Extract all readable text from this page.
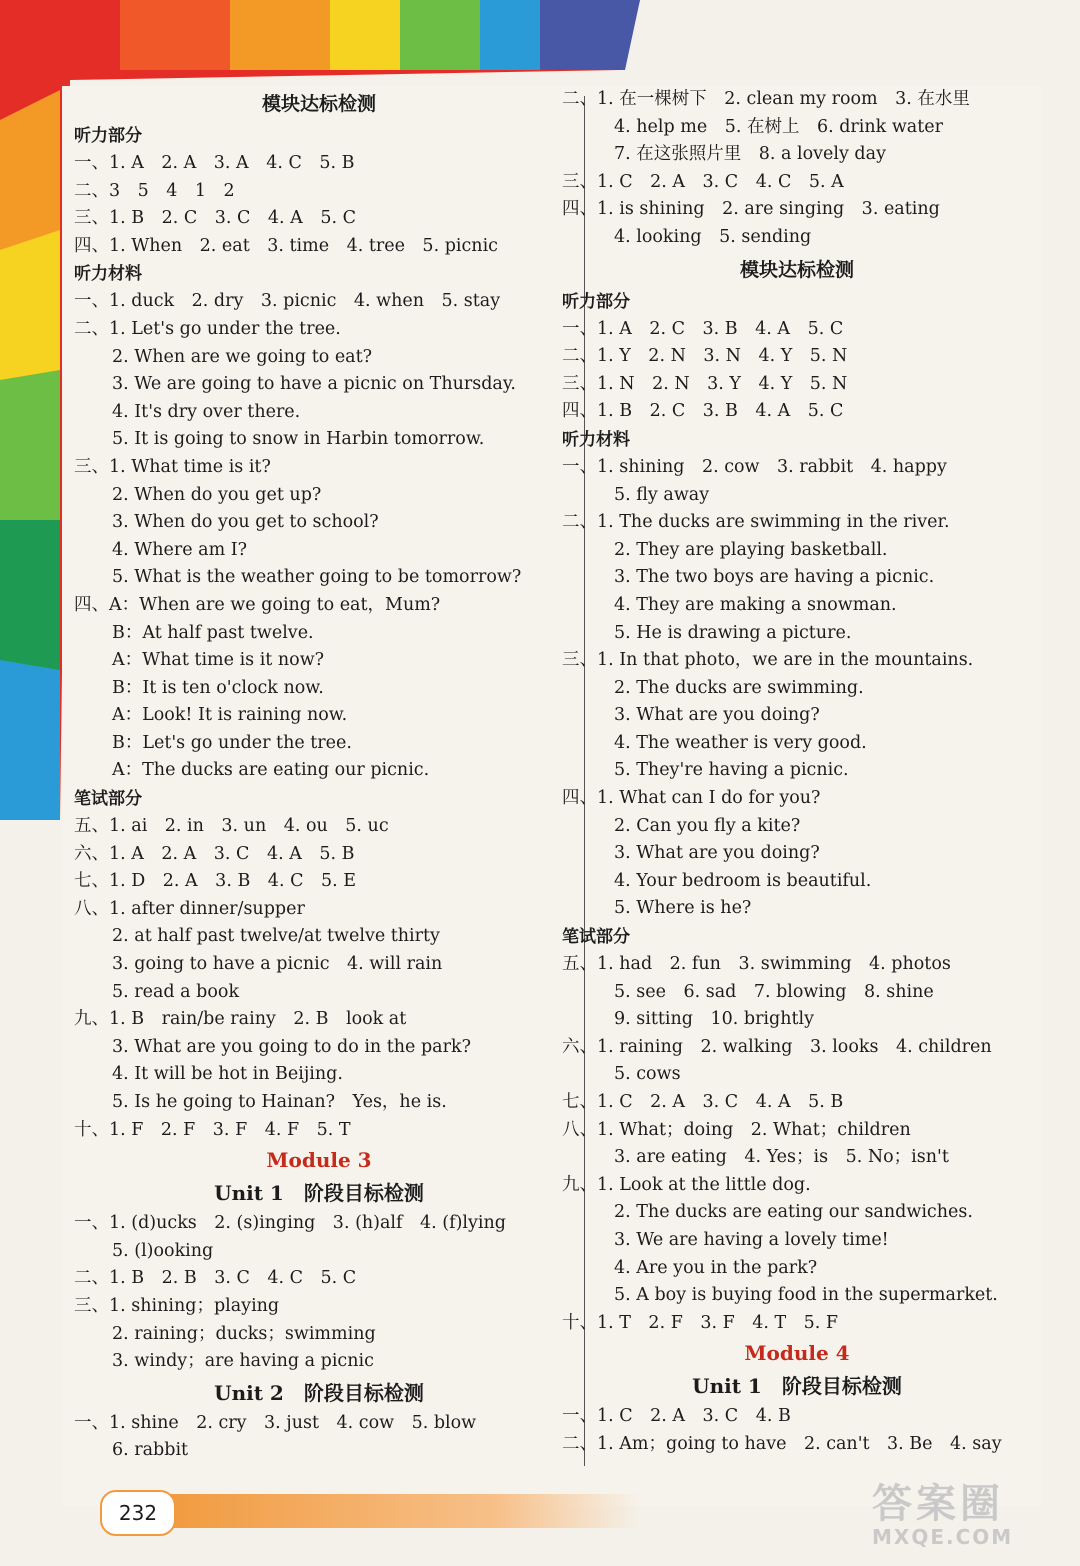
模块达标检测
听力部分
一、1. A　2. A　3. A　4. C　5. B
二、3　5　4　1　2
三、1. B　2. C　3. C　4. A　5. C
四、1. When　2. eat　3. time　4. tree　5. picnic
听力材料
一、1. duck　2. dry　3. picnic　4. when　5. stay
二、1. Let's go under the tree.
2. When are we going to eat?
3. We are going to have a picnic on Thursday.
4. It's dry over there.
5. It is going to snow in Harbin tomorrow.
三、1. What time is it?
2. When do you get up?
3. When do you get to school?
4. Where am I?
5. What is the weather going to be tomorrow?
四、A：When are we going to eat，Mum?
B：At half past twelve.
A：What time is it now?
B：It is ten o'clock now.
A：Look! It is raining now.
B：Let's go under the tree.
A：The ducks are eating our picnic.
笔试部分
五、1. ai　2. in　3. un　4. ou　5. uc
六、1. A　2. A　3. C　4. A　5. B
七、1. D　2. A　3. B　4. C　5. E
八、1. after dinner/supper
2. at half past twelve/at twelve thirty
3. going to have a picnic　4. will rain
5. read a book
九、1. B　rain/be rainy　2. B　look at
3. What are you going to do in the park?
4. It will be hot in Beijing.
5. Is he going to Hainan?　Yes，he is.
十、1. F　2. F　3. F　4. F　5. T
Module 3
Unit 1　阶段目标检测
一、1. (d)ucks　2. (s)inging　3. (h)alf　4. (f)lying
5. (l)ooking
二、1. B　2. B　3. C　4. C　5. C
三、1. shining；playing
2. raining；ducks；swimming
3. windy；are having a picnic
Unit 2　阶段目标检测
一、1. shine　2. cry　3. just　4. cow　5. blow
6. rabbit
二、1. 在一棵树下　2. clean my room　3. 在水里
4. help me　5. 在树上　6. drink water
7. 在这张照片里　8. a lovely day
三、1. C　2. A　3. C　4. C　5. A
四、1. is shining　2. are singing　3. eating
4. looking　5. sending
模块达标检测
听力部分
一、1. A　2. C　3. B　4. A　5. C
二、1. Y　2. N　3. N　4. Y　5. N
三、1. N　2. N　3. Y　4. Y　5. N
四、1. B　2. C　3. B　4. A　5. C
听力材料
一、1. shining　2. cow　3. rabbit　4. happy
5. fly away
二、1. The ducks are swimming in the river.
2. They are playing basketball.
3. The two boys are having a picnic.
4. They are making a snowman.
5. He is drawing a picture.
三、1. In that photo，we are in the mountains.
2. The ducks are swimming.
3. What are you doing?
4. The weather is very good.
5. They're having a picnic.
四、1. What can I do for you?
2. Can you fly a kite?
3. What are you doing?
4. Your bedroom is beautiful.
5. Where is he?
笔试部分
五、1. had　2. fun　3. swimming　4. photos
5. see　6. sad　7. blowing　8. shine
9. sitting　10. brightly
六、1. raining　2. walking　3. looks　4. children
5. cows
七、1. C　2. A　3. C　4. A　5. B
八、1. What；doing　2. What；children
3. are eating　4. Yes；is　5. No；isn't
九、1. Look at the little dog.
2. The ducks are eating our sandwiches.
3. We are having a lovely time!
4. Are you in the park?
5. A boy is buying food in the supermarket.
十、1. T　2. F　3. F　4. T　5. F
Module 4
Unit 1　阶段目标检测
一、1. C　2. A　3. C　4. B
二、1. Am；going to have　2. can't　3. Be　4. say
232	答案圈
MXQE.COM
